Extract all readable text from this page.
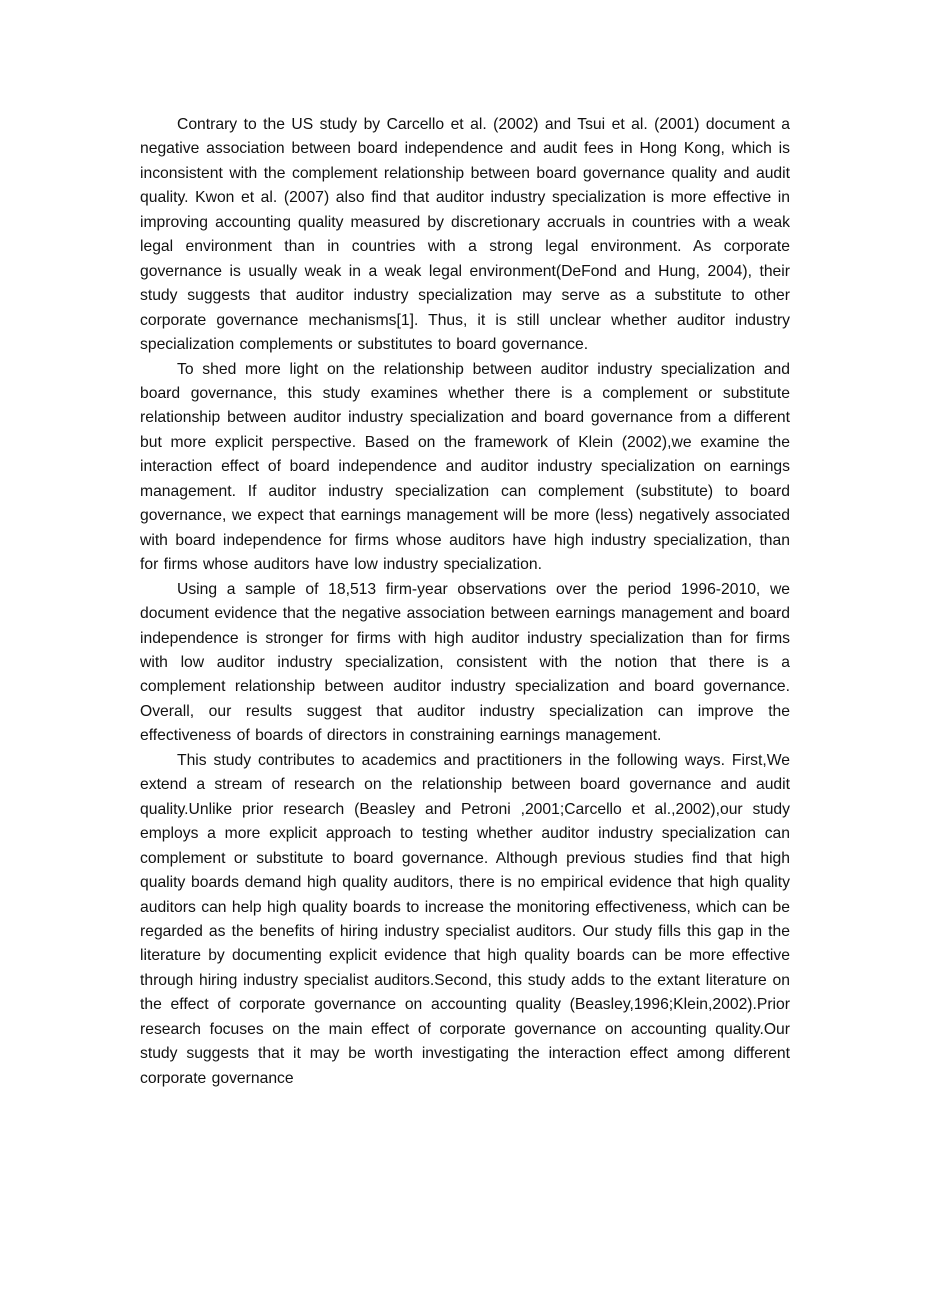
Contrary to the US study by Carcello et al. (2002) and Tsui et al. (2001) document a negative association between board independence and audit fees in Hong Kong, which is inconsistent with the complement relationship between board governance quality and audit quality. Kwon et al. (2007) also find that auditor industry specialization is more effective in improving accounting quality measured by discretionary accruals in countries with a weak legal environment than in countries with a strong legal environment. As corporate governance is usually weak in a weak legal environment(DeFond and Hung, 2004), their study suggests that auditor industry specialization may serve as a substitute to other corporate governance mechanisms[1]. Thus, it is still unclear whether auditor industry specialization complements or substitutes to board governance.

To shed more light on the relationship between auditor industry specialization and board governance, this study examines whether there is a complement or substitute relationship between auditor industry specialization and board governance from a different but more explicit perspective. Based on the framework of Klein (2002),we examine the interaction effect of board independence and auditor industry specialization on earnings management. If auditor industry specialization can complement (substitute) to board governance, we expect that earnings management will be more (less) negatively associated with board independence for firms whose auditors have high industry specialization, than for firms whose auditors have low industry specialization.

Using a sample of 18,513 firm-year observations over the period 1996-2010, we document evidence that the negative association between earnings management and board independence is stronger for firms with high auditor industry specialization than for firms with low auditor industry specialization, consistent with the notion that there is a complement relationship between auditor industry specialization and board governance. Overall, our results suggest that auditor industry specialization can improve the effectiveness of boards of directors in constraining earnings management.

This study contributes to academics and practitioners in the following ways. First,We extend a stream of research on the relationship between board governance and audit quality.Unlike prior research (Beasley and Petroni ,2001;Carcello et al.,2002),our study employs a more explicit approach to testing whether auditor industry specialization can complement or substitute to board governance. Although previous studies find that high quality boards demand high quality auditors, there is no empirical evidence that high quality auditors can help high quality boards to increase the monitoring effectiveness, which can be regarded as the benefits of hiring industry specialist auditors. Our study fills this gap in the literature by documenting explicit evidence that high quality boards can be more effective through hiring industry specialist auditors.Second, this study adds to the extant literature on the effect of corporate governance on accounting quality (Beasley,1996;Klein,2002).Prior research focuses on the main effect of corporate governance on accounting quality.Our study suggests that it may be worth investigating the interaction effect among different corporate governance
